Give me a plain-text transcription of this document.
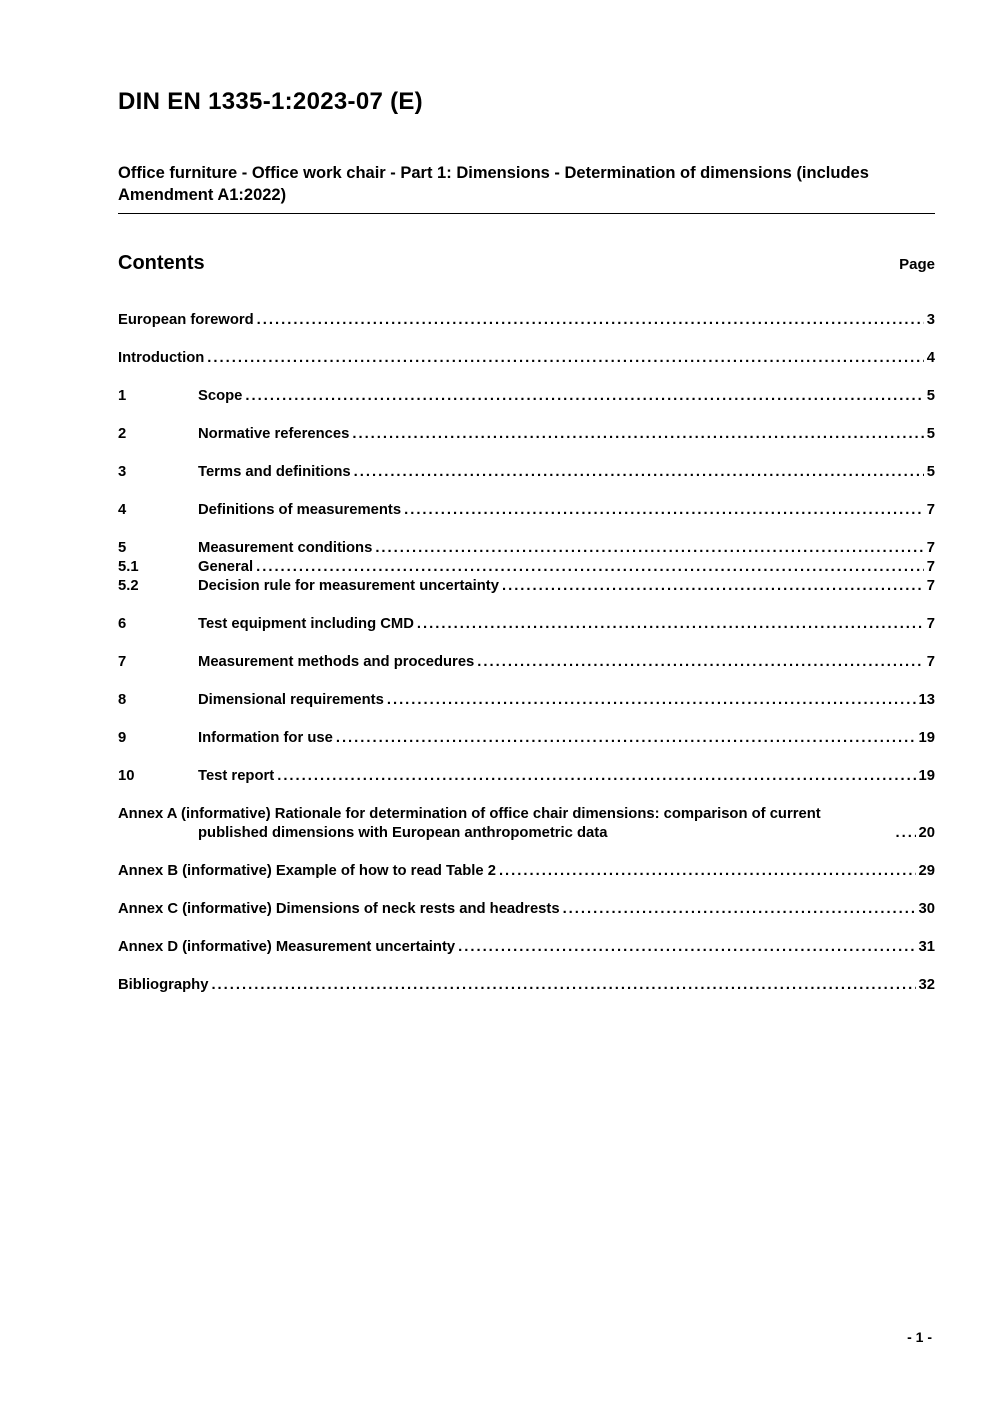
DIN EN 1335-1:2023-07 (E)
Office furniture - Office work chair - Part 1: Dimensions - Determination of dimensions (includes Amendment A1:2022)
Contents	Page
European foreword .....	3
Introduction .....	4
1	Scope .....	5
2	Normative references .....	5
3	Terms and definitions .....	5
4	Definitions of measurements .....	7
5	Measurement conditions .....	7
5.1	General .....	7
5.2	Decision rule for measurement uncertainty .....	7
6	Test equipment including CMD .....	7
7	Measurement methods and procedures .....	7
8	Dimensional requirements .....	13
9	Information for use .....	19
10	Test report .....	19
Annex A (informative) Rationale for determination of office chair dimensions: comparison of current published dimensions with European anthropometric data .....	20
Annex B (informative) Example of how to read Table 2 .....	29
Annex C (informative) Dimensions of neck rests and headrests .....	30
Annex D (informative) Measurement uncertainty .....	31
Bibliography .....	32
- 1 -
